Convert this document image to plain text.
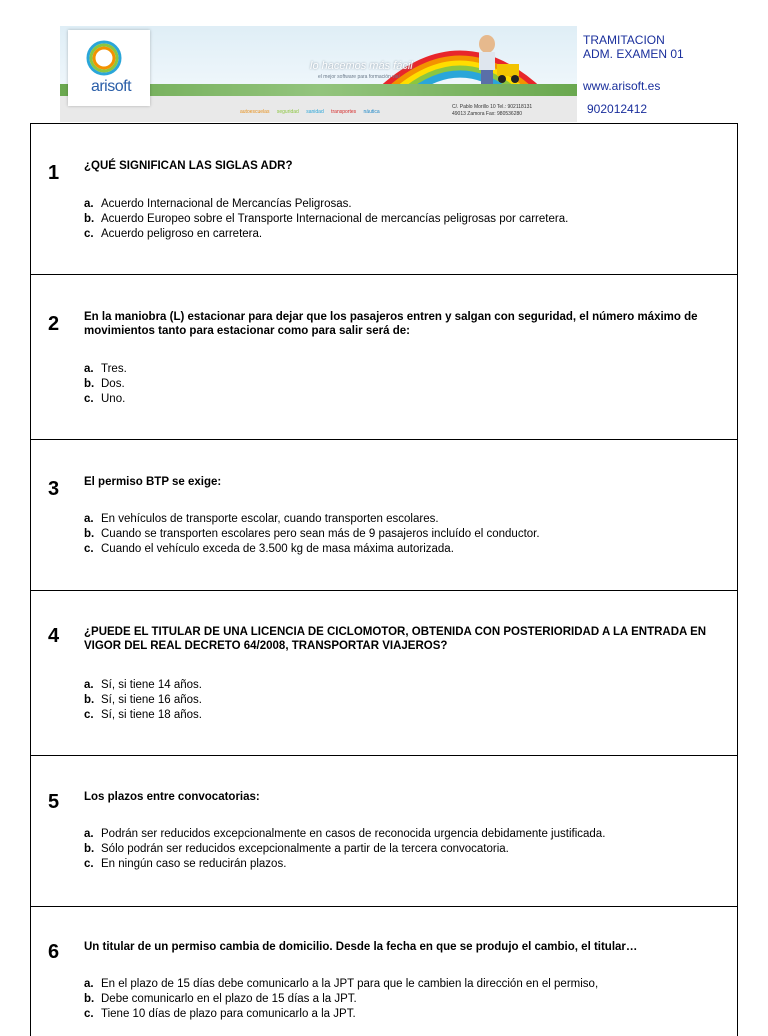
arisoft
lo hacemos más fácil
el mejor software para formación vial
autoescuelas seguridad sanidad transportes náutica
C/. Pablo Morillo 10 Tel.: 902118131
49013 Zamora Fax: 980536280
TRAMITACION
ADM. EXAMEN 01
www.arisoft.es
902012412
1 ¿QUÉ SIGNIFICAN LAS SIGLAS ADR?
a. Acuerdo Internacional de Mercancías Peligrosas.
b. Acuerdo Europeo sobre el Transporte Internacional de mercancías peligrosas por carretera.
c. Acuerdo peligroso en carretera.
2 En la maniobra (L) estacionar para dejar que los pasajeros entren y salgan con seguridad, el número máximo de movimientos tanto para estacionar como para salir será de:
a. Tres.
b. Dos.
c. Uno.
3 El permiso BTP se exige:
a. En vehículos de transporte escolar, cuando transporten escolares.
b. Cuando se transporten escolares pero sean más de 9 pasajeros incluído el conductor.
c. Cuando el vehículo exceda de 3.500 kg de masa máxima autorizada.
4 ¿PUEDE EL TITULAR DE UNA LICENCIA DE CICLOMOTOR, OBTENIDA CON POSTERIORIDAD A LA ENTRADA EN VIGOR DEL REAL DECRETO 64/2008, TRANSPORTAR VIAJEROS?
a. Sí, si tiene 14 años.
b. Sí, si tiene 16 años.
c. Sí, si tiene 18 años.
5 Los plazos entre convocatorias:
a. Podrán ser reducidos excepcionalmente en casos de reconocida urgencia debidamente justificada.
b. Sólo podrán ser reducidos excepcionalmente a partir de la tercera convocatoria.
c. En ningún caso se reducirán plazos.
6 Un titular de un permiso cambia de domicilio. Desde la fecha en que se produjo el cambio, el titular…
a. En el plazo de 15 días debe comunicarlo a la JPT para que le cambien la dirección en el permiso,
b. Debe comunicarlo en el plazo de 15 días a la JPT.
c. Tiene 10 días de plazo para comunicarlo a la JPT.
